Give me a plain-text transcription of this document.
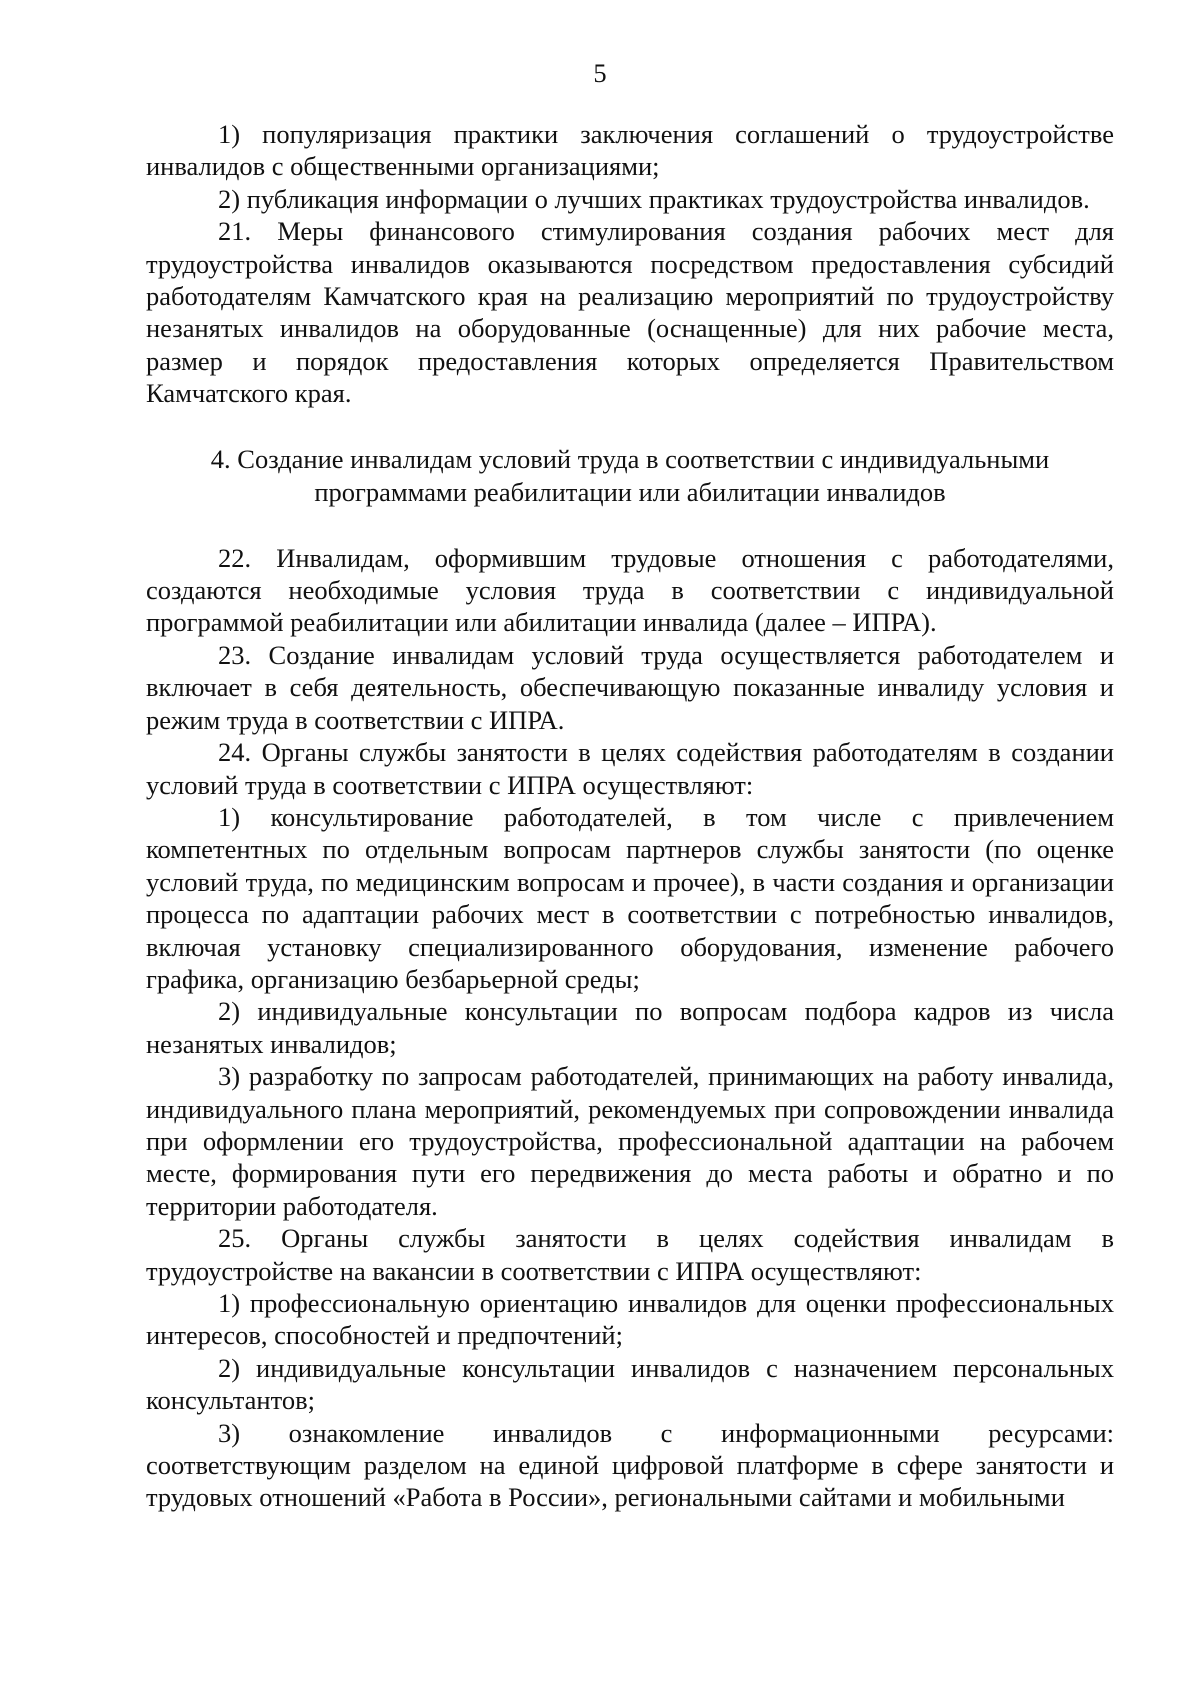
5

1) популяризация практики заключения соглашений о трудоустройстве инвалидов с общественными организациями;

2) публикация информации о лучших практиках трудоустройства инвалидов.

21. Меры финансового стимулирования создания рабочих мест для трудоустройства инвалидов оказываются посредством предоставления субсидий работодателям Камчатского края на реализацию мероприятий по трудоустройству незанятых инвалидов на оборудованные (оснащенные) для них рабочие места, размер и порядок предоставления которых определяется Правительством Камчатского края.

4. Создание инвалидам условий труда в соответствии с индивидуальными

программами реабилитации или абилитации инвалидов

22. Инвалидам, оформившим трудовые отношения с работодателями, создаются необходимые условия труда в соответствии с индивидуальной программой реабилитации или абилитации инвалида (далее – ИПРА).

23. Создание инвалидам условий труда осуществляется работодателем и включает в себя деятельность, обеспечивающую показанные инвалиду условия и режим труда в соответствии с ИПРА.

24. Органы службы занятости в целях содействия работодателям в создании условий труда в соответствии с ИПРА осуществляют:

1) консультирование работодателей, в том числе с привлечением компетентных по отдельным вопросам партнеров службы занятости (по оценке условий труда, по медицинским вопросам и прочее), в части создания и организации процесса по адаптации рабочих мест в соответствии с потребностью инвалидов, включая установку специализированного оборудования, изменение рабочего графика, организацию безбарьерной среды;

2) индивидуальные консультации по вопросам подбора кадров из числа незанятых инвалидов;

3) разработку по запросам работодателей, принимающих на работу инвалида, индивидуального плана мероприятий, рекомендуемых при сопровождении инвалида при оформлении его трудоустройства, профессиональной адаптации на рабочем месте, формирования пути его передвижения до места работы и обратно и по территории работодателя.

25. Органы службы занятости в целях содействия инвалидам в трудоустройстве на вакансии в соответствии с ИПРА осуществляют:

1) профессиональную ориентацию инвалидов для оценки профессиональных интересов, способностей и предпочтений;

2) индивидуальные консультации инвалидов с назначением персональных консультантов;

3) ознакомление инвалидов с информационными ресурсами: соответствующим разделом на единой цифровой платформе в сфере занятости и трудовых отношений «Работа в России», региональными сайтами и мобильными
